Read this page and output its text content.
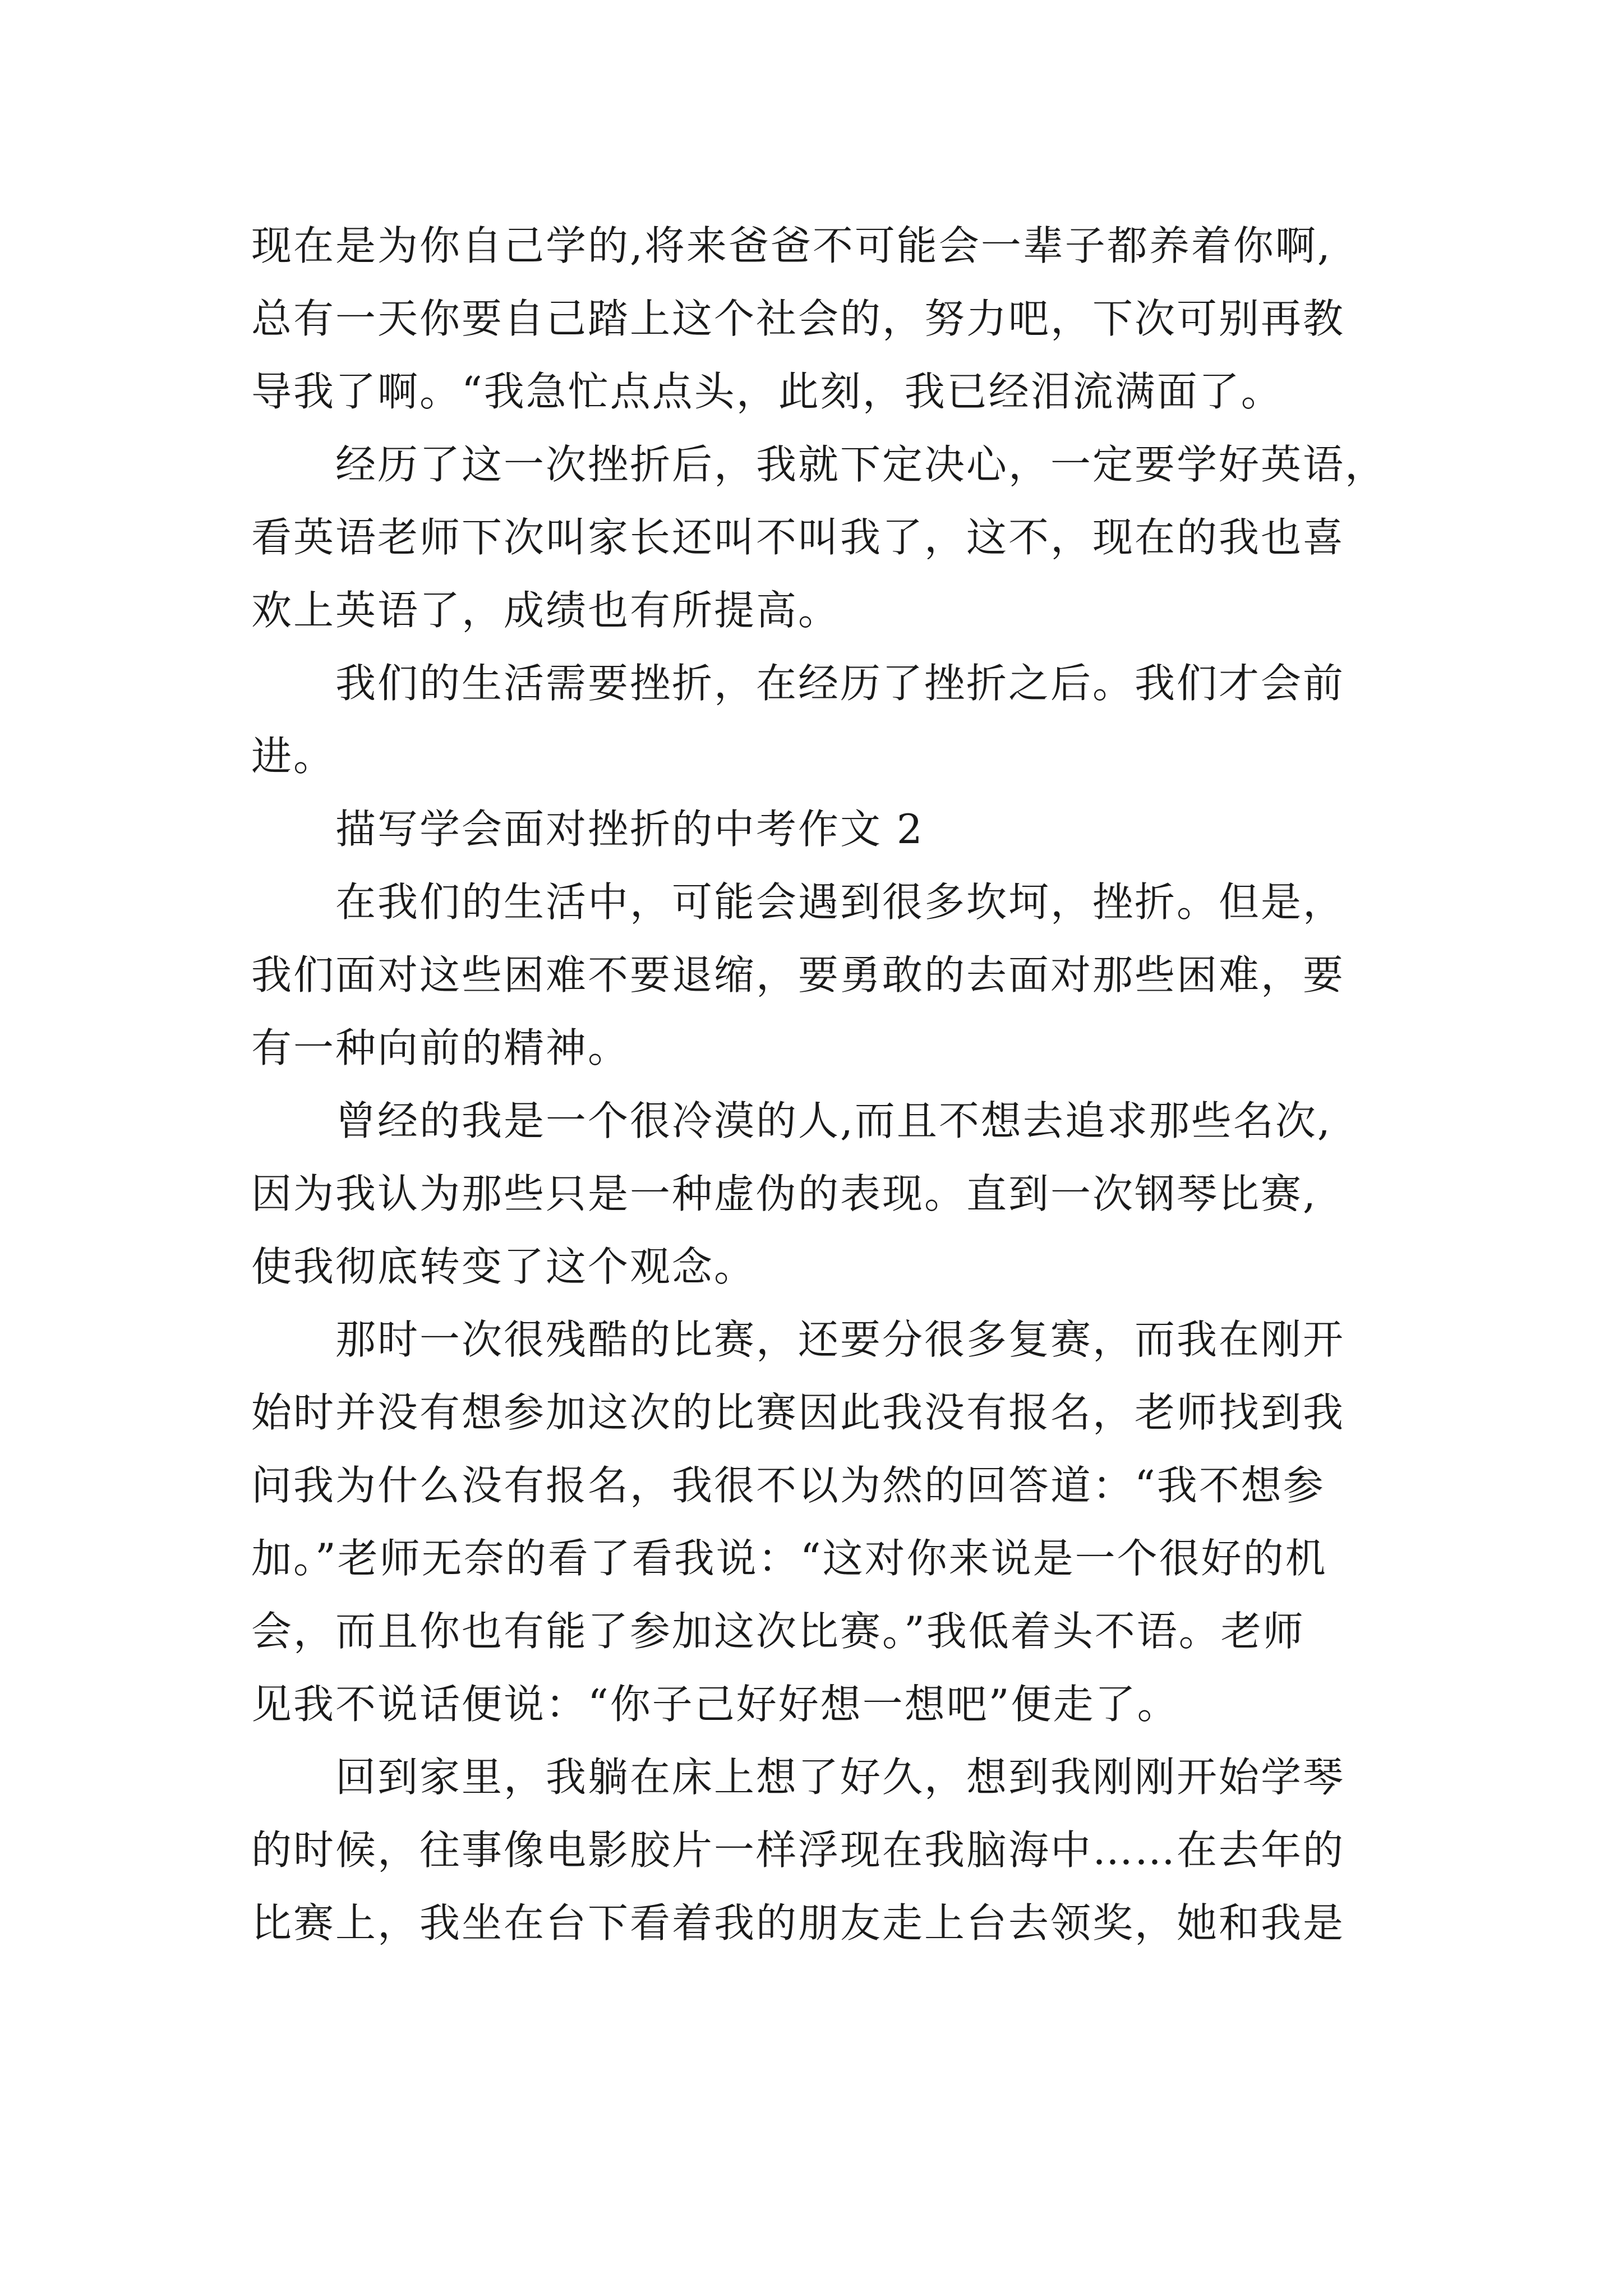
现在是为你自己学的,将来爸爸不可能会一辈子都养着你啊,
总有一天你要自己踏上这个社会的，努力吧，下次可别再教
导我了啊。“我急忙点点头，此刻，我已经泪流满面了。
经历了这一次挫折后，我就下定决心，一定要学好英语，
看英语老师下次叫家长还叫不叫我了，这不，现在的我也喜
欢上英语了，成绩也有所提高。
我们的生活需要挫折，在经历了挫折之后。我们才会前
进。
描写学会面对挫折的中考作文 2
在我们的生活中，可能会遇到很多坎坷，挫折。但是，
我们面对这些困难不要退缩，要勇敢的去面对那些困难，要
有一种向前的精神。
曾经的我是一个很冷漠的人,而且不想去追求那些名次,
因为我认为那些只是一种虚伪的表现。直到一次钢琴比赛,
使我彻底转变了这个观念。
那时一次很残酷的比赛，还要分很多复赛，而我在刚开
始时并没有想参加这次的比赛因此我没有报名，老师找到我
问我为什么没有报名，我很不以为然的回答道：“我不想参
加。”老师无奈的看了看我说：“这对你来说是一个很好的机
会，而且你也有能了参加这次比赛。”我低着头不语。老师
见我不说话便说：“你子己好好想一想吧”便走了。
回到家里，我躺在床上想了好久，想到我刚刚开始学琴
的时候，往事像电影胶片一样浮现在我脑海中……在去年的
比赛上，我坐在台下看着我的朋友走上台去领奖，她和我是
